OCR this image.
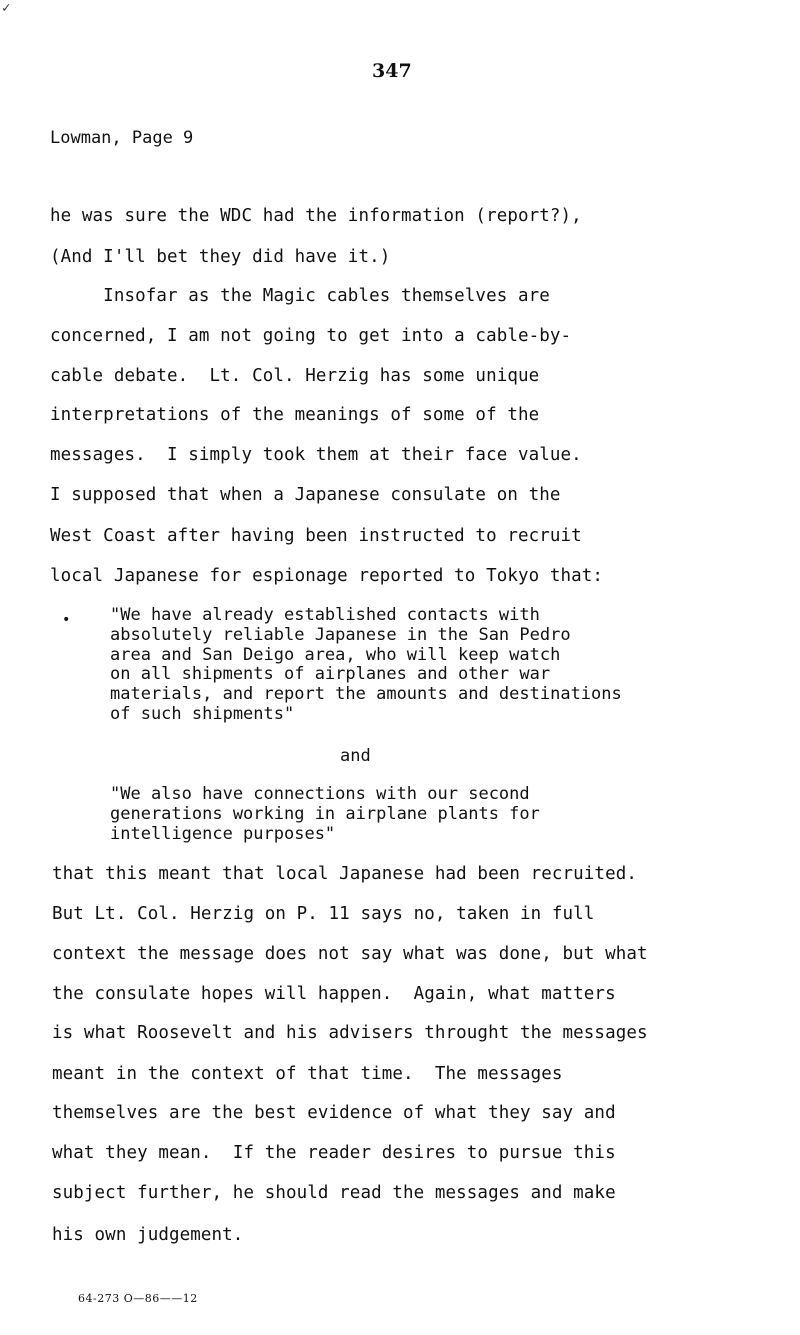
✓
347
Lowman, Page 9
he was sure the WDC had the information (report?),
(And I'll bet they did have it.)
Insofar as the Magic cables themselves are
concerned, I am not going to get into a cable-by-
cable debate.  Lt. Col. Herzig has some unique
interpretations of the meanings of some of the
messages.  I simply took them at their face value.
I supposed that when a Japanese consulate on the
West Coast after having been instructed to recruit
local Japanese for espionage reported to Tokyo that:
• "We have already established contacts with
absolutely reliable Japanese in the San Pedro
area and San Deigo area, who will keep watch
on all shipments of airplanes and other war
materials, and report the amounts and destinations
of such shipments"
and
"We also have connections with our second
generations working in airplane plants for
intelligence purposes"
that this meant that local Japanese had been recruited.
But Lt. Col. Herzig on P. 11 says no, taken in full
context the message does not say what was done, but what
the consulate hopes will happen.  Again, what matters
is what Roosevelt and his advisers throught the messages
meant in the context of that time.  The messages
themselves are the best evidence of what they say and
what they mean.  If the reader desires to pursue this
subject further, he should read the messages and make
his own judgement.
64-273 O—86——12
